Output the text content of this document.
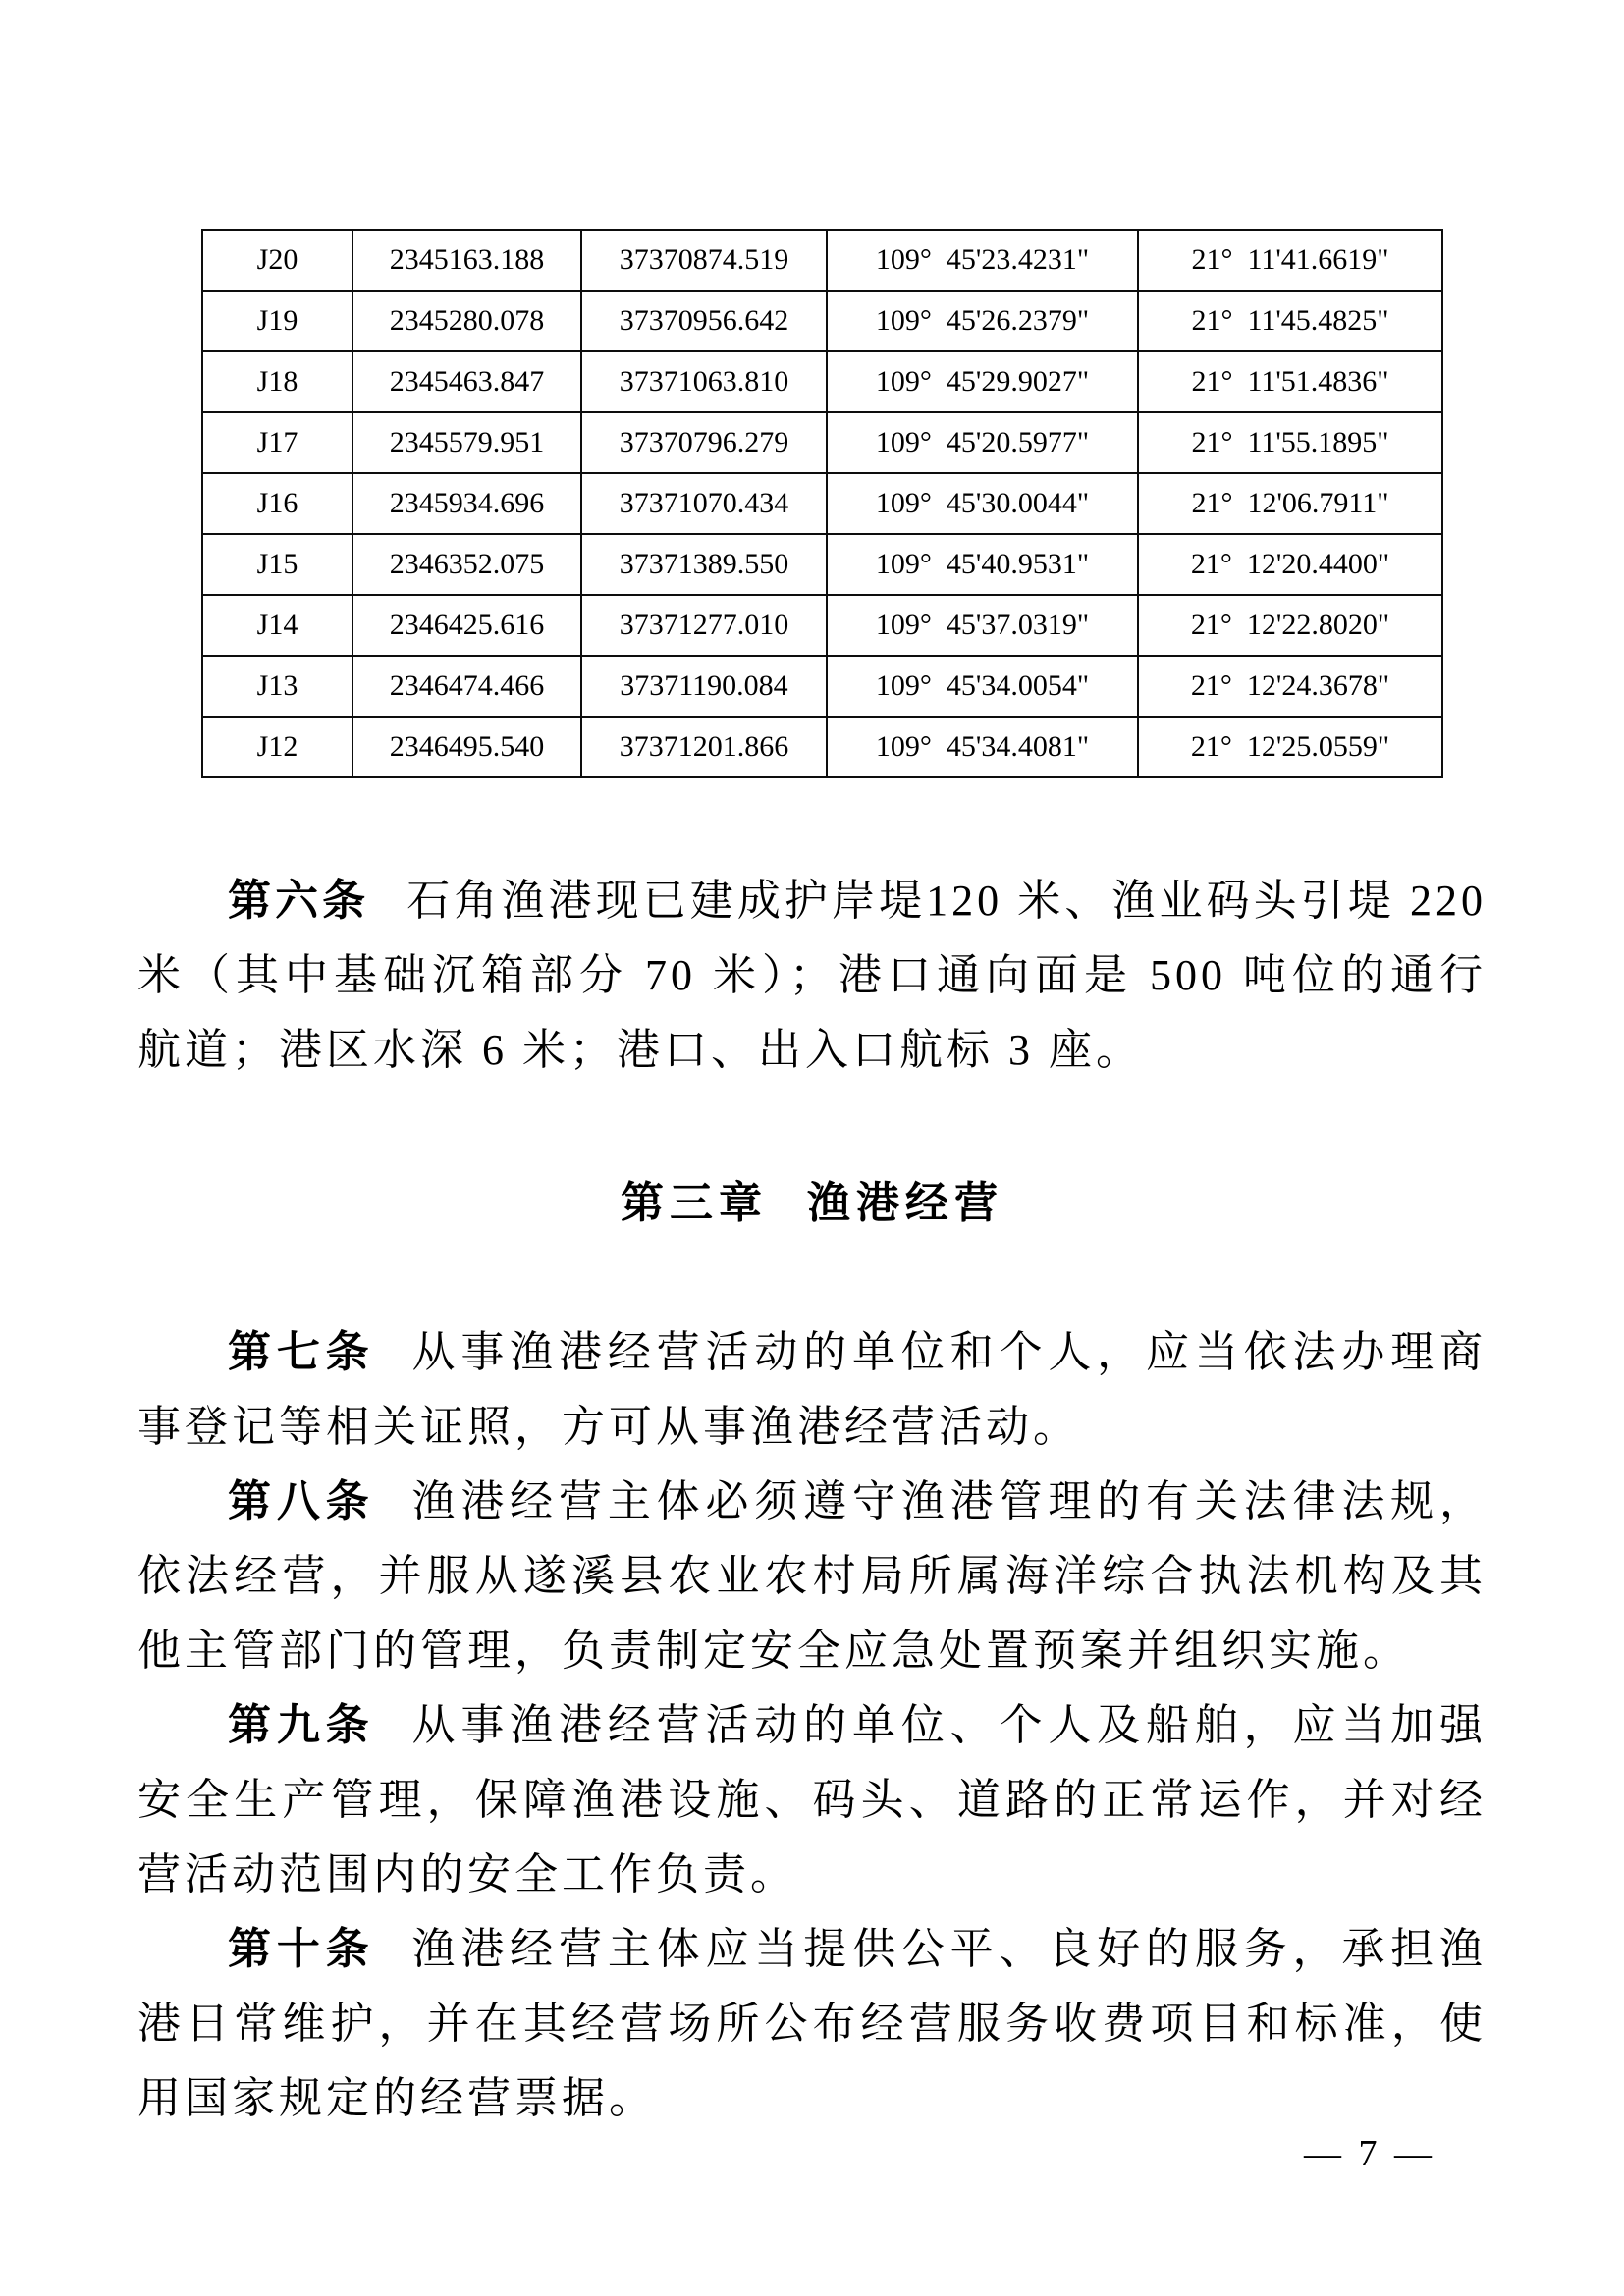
J20	2345163.188	37370874.519	109°  45'23.4231"	21°  11'41.6619"
J19	2345280.078	37370956.642	109°  45'26.2379"	21°  11'45.4825"
J18	2345463.847	37371063.810	109°  45'29.9027"	21°  11'51.4836"
J17	2345579.951	37370796.279	109°  45'20.5977"	21°  11'55.1895"
J16	2345934.696	37371070.434	109°  45'30.0044"	21°  12'06.7911"
J15	2346352.075	37371389.550	109°  45'40.9531"	21°  12'20.4400"
J14	2346425.616	37371277.010	109°  45'37.0319"	21°  12'22.8020"
J13	2346474.466	37371190.084	109°  45'34.0054"	21°  12'24.3678"
J12	2346495.540	37371201.866	109°  45'34.4081"	21°  12'25.0559"
第六条 石角渔港现已建成护岸堤120 米、渔业码头引堤 220
米（其中基础沉箱部分 70 米）；港口通向面是 500 吨位的通行
航道；港区水深 6 米；港口、出入口航标 3 座。
第三章 渔港经营
第七条 从事渔港经营活动的单位和个人，应当依法办理商
事登记等相关证照，方可从事渔港经营活动。
第八条 渔港经营主体必须遵守渔港管理的有关法律法规，
依法经营，并服从遂溪县农业农村局所属海洋综合执法机构及其
他主管部门的管理，负责制定安全应急处置预案并组织实施。
第九条 从事渔港经营活动的单位、个人及船舶，应当加强
安全生产管理，保障渔港设施、码头、道路的正常运作，并对经
营活动范围内的安全工作负责。
第十条 渔港经营主体应当提供公平、良好的服务，承担渔
港日常维护，并在其经营场所公布经营服务收费项目和标准，使
用国家规定的经营票据。
— 7 —
